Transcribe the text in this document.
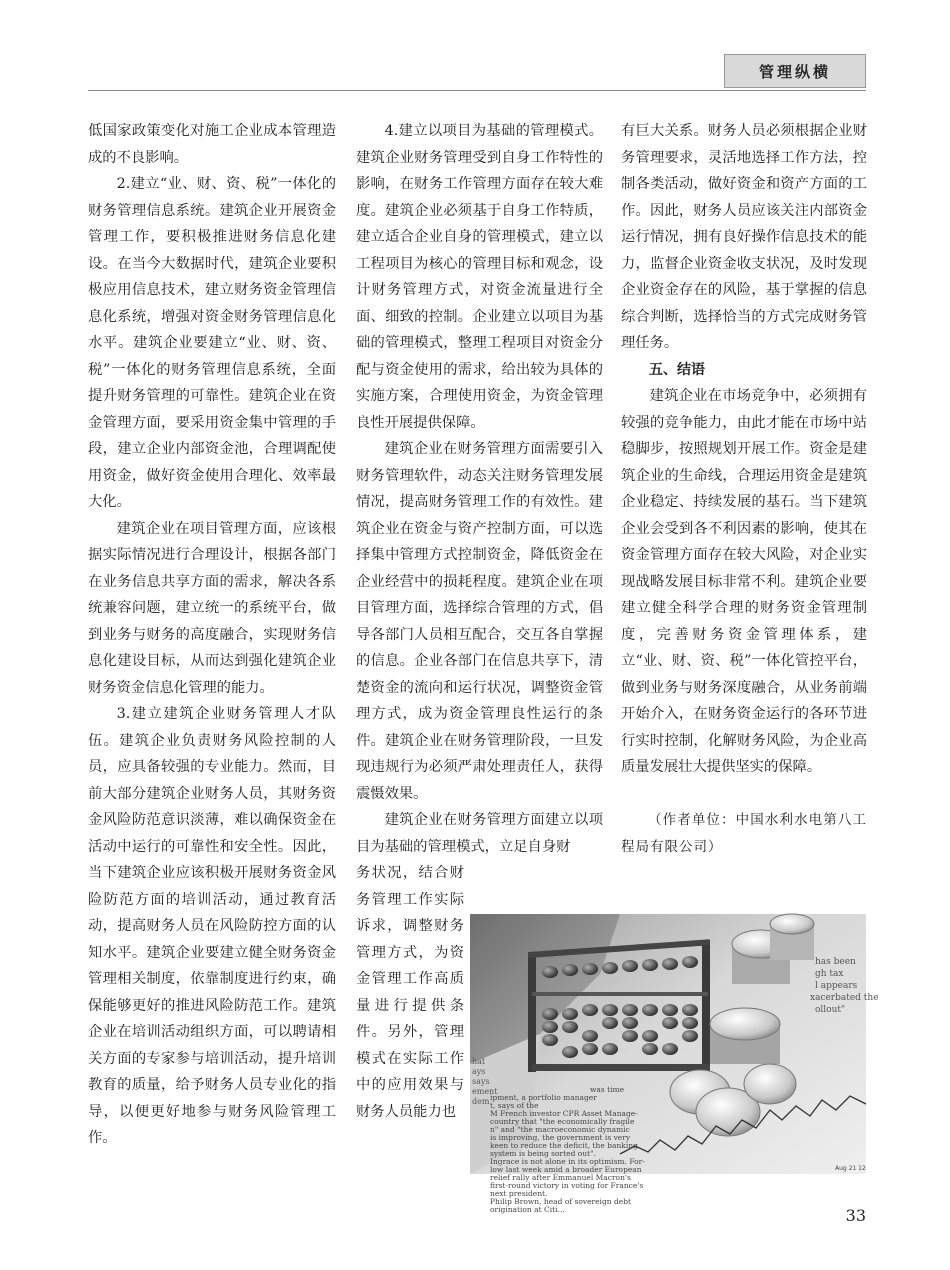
管理纵横

低国家政策变化对施工企业成本管理造成的不良影响。

2.建立“业、财、资、税”一体化的财务管理信息系统。建筑企业开展资金管理工作，要积极推进财务信息化建设。在当今大数据时代，建筑企业要积极应用信息技术，建立财务资金管理信息化系统，增强对资金财务管理信息化水平。建筑企业要建立“业、财、资、税”一体化的财务管理信息系统，全面提升财务管理的可靠性。建筑企业在资金管理方面，要采用资金集中管理的手段，建立企业内部资金池，合理调配使用资金，做好资金使用合理化、效率最大化。

建筑企业在项目管理方面，应该根据实际情况进行合理设计，根据各部门在业务信息共享方面的需求，解决各系统兼容问题，建立统一的系统平台，做到业务与财务的高度融合，实现财务信息化建设目标，从而达到强化建筑企业财务资金信息化管理的能力。

3.建立建筑企业财务管理人才队伍。建筑企业负责财务风险控制的人员，应具备较强的专业能力。然而，目前大部分建筑企业财务人员，其财务资金风险防范意识淡薄，难以确保资金在活动中运行的可靠性和安全性。因此，当下建筑企业应该积极开展财务资金风险防范方面的培训活动，通过教育活动，提高财务人员在风险防控方面的认知水平。建筑企业要建立健全财务资金管理相关制度，依靠制度进行约束，确保能够更好的推进风险防范工作。建筑企业在培训活动组织方面，可以聘请相关方面的专家参与培训活动，提升培训教育的质量，给予财务人员专业化的指导，以便更好地参与财务风险管理工作。

4.建立以项目为基础的管理模式。建筑企业财务管理受到自身工作特性的影响，在财务工作管理方面存在较大难度。建筑企业必须基于自身工作特质，建立适合企业自身的管理模式，建立以工程项目为核心的管理目标和观念，设计财务管理方式，对资金流量进行全面、细致的控制。企业建立以项目为基础的管理模式，整理工程项目对资金分配与资金使用的需求，给出较为具体的实施方案，合理使用资金，为资金管理良性开展提供保障。

建筑企业在财务管理方面需要引入财务管理软件，动态关注财务管理发展情况，提高财务管理工作的有效性。建筑企业在资金与资产控制方面，可以选择集中管理方式控制资金，降低资金在企业经营中的损耗程度。建筑企业在项目管理方面，选择综合管理的方式，倡导各部门人员相互配合，交互各自掌握的信息。企业各部门在信息共享下，清楚资金的流向和运行状况，调整资金管理方式，成为资金管理良性运行的条件。建筑企业在财务管理阶段，一旦发现违规行为必须严肃处理责任人，获得震慑效果。

建筑企业在财务管理方面建立以项目为基础的管理模式，立足自身财

务状况，结合财务管理工作实际诉求，调整财务管理方式，为资金管理工作高质量进行提供条件。另外，管理模式在实际工作中的应用效果与财务人员能力也

有巨大关系。财务人员必须根据企业财务管理要求，灵活地选择工作方法，控制各类活动，做好资金和资产方面的工作。因此，财务人员应该关注内部资金运行情况，拥有良好操作信息技术的能力，监督企业资金收支状况，及时发现企业资金存在的风险，基于掌握的信息综合判断，选择恰当的方式完成财务管理任务。

五、结语

建筑企业在市场竞争中，必须拥有较强的竞争能力，由此才能在市场中站稳脚步，按照规划开展工作。资金是建筑企业的生命线，合理运用资金是建筑企业稳定、持续发展的基石。当下建筑企业会受到各不利因素的影响，使其在资金管理方面存在较大风险，对企业实现战略发展目标非常不利。建筑企业要建立健全科学合理的财务资金管理制度，完善财务资金管理体系，建立“业、财、资、税”一体化管控平台，做到业务与财务深度融合，从业务前端开始介入，在财务资金运行的各环节进行实时控制，化解财务风险，为企业高质量发展壮大提供坚实的保障。

（作者单位：中国水利水电第八工程局有限公司）

has been
gh tax
l appears
xacerbated the
ollout"
hat
ays
says
ement
dem
was time
ipment, a portfolio manager
t, says of the
M French investor CPR Asset Manage-
country that "the economically fragile
n" and "the macroeconomic dynamic
is improving, the government is very
keen to reduce the deficit, the banking
system is being sorted out".
Ingrace is not alone in its optimism. For-
low last week amid a broader European
relief rally after Emmanuel Macron's
first-round victory in voting for France's
next president.
Philip Brown, head of sovereign debt
origination at Citi...
Aug 21 12
33
